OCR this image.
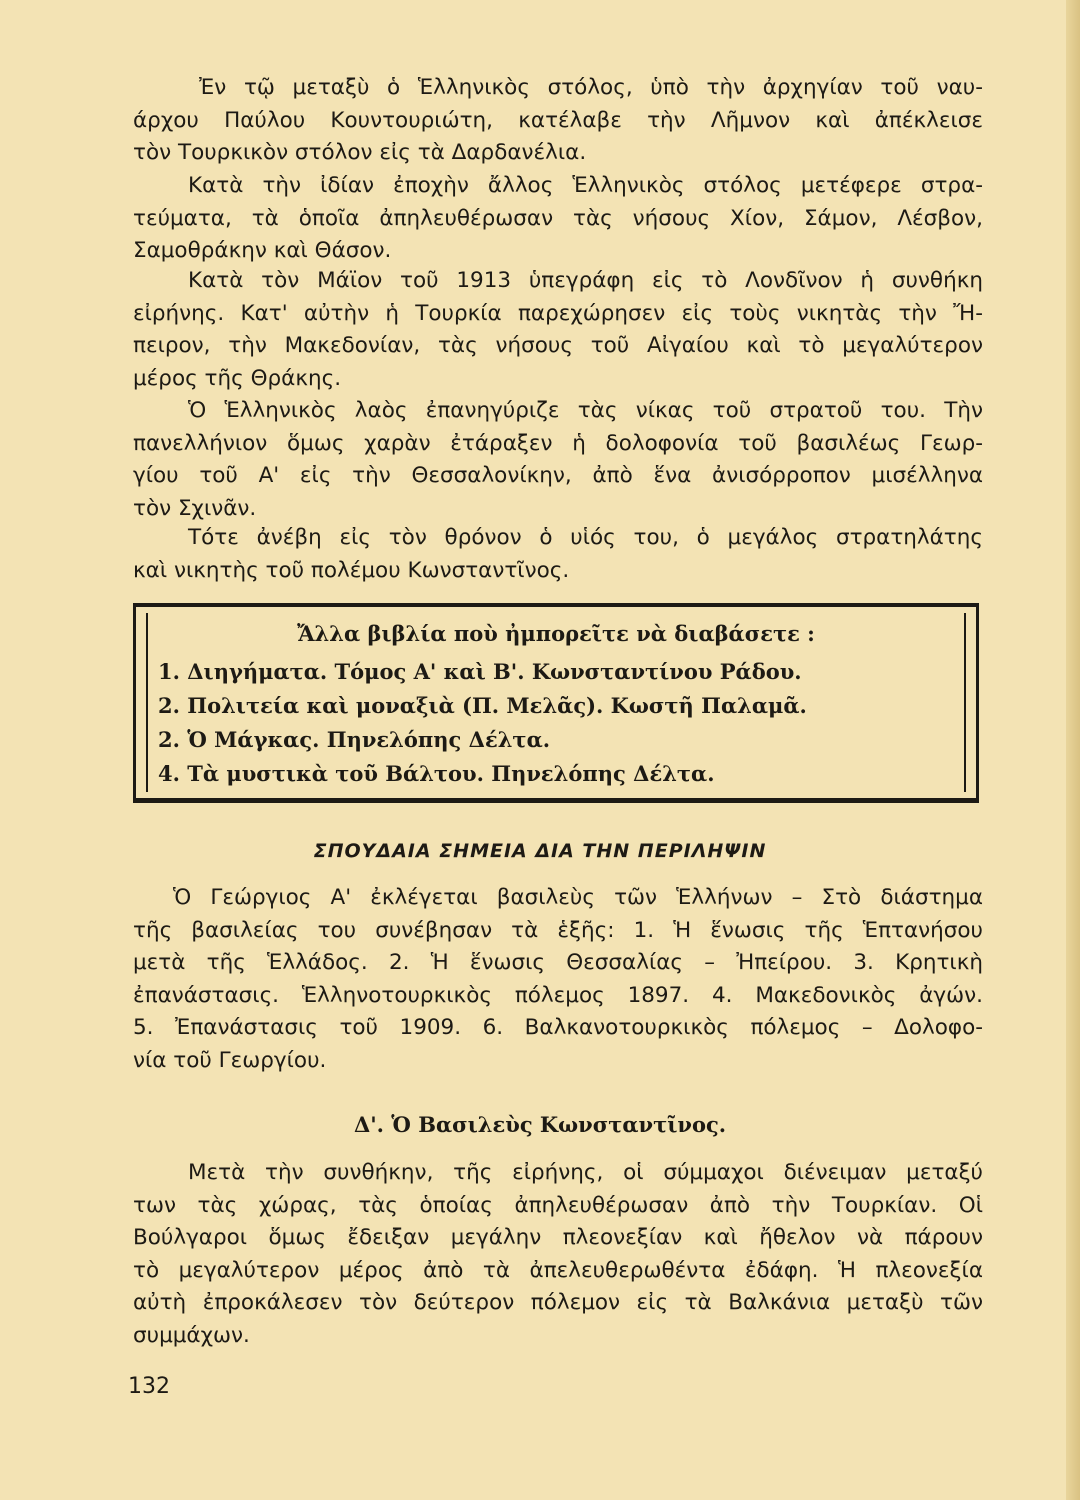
Ἐν τῷ μεταξὺ ὁ Ἑλληνικὸς στόλος, ὑπὸ τὴν ἀρχηγίαν τοῦ ναυ-
άρχου Παύλου Κουντουριώτη, κατέλαβε τὴν Λῆμνον καὶ ἀπέκλεισε
τὸν Τουρκικὸν στόλον εἰς τὰ Δαρδανέλια.
Κατὰ τὴν ἰδίαν ἐποχὴν ἄλλος Ἑλληνικὸς στόλος μετέφερε στρα-
τεύματα, τὰ ὁποῖα ἀπηλευθέρωσαν τὰς νήσους Χίον, Σάμον, Λέσβον,
Σαμοθράκην καὶ Θάσον.
Κατὰ τὸν Μάϊον τοῦ 1913 ὑπεγράφη εἰς τὸ Λονδῖνον ἡ συνθήκη
εἰρήνης. Κατ' αὐτὴν ἡ Τουρκία παρεχώρησεν εἰς τοὺς νικητὰς τὴν Ἤ-
πειρον, τὴν Μακεδονίαν, τὰς νήσους τοῦ Αἰγαίου καὶ τὸ μεγαλύτερον
μέρος τῆς Θράκης.
Ὁ Ἑλληνικὸς λαὸς ἐπανηγύριζε τὰς νίκας τοῦ στρατοῦ του. Τὴν
πανελλήνιον ὅμως χαρὰν ἐτάραξεν ἡ δολοφονία τοῦ βασιλέως Γεωρ-
γίου τοῦ Α' εἰς τὴν Θεσσαλονίκην, ἀπὸ ἕνα ἀνισόρροπον μισέλληνα
τὸν Σχινᾶν.
Τότε ἀνέβη εἰς τὸν θρόνον ὁ υἱός του, ὁ μεγάλος στρατηλάτης
καὶ νικητὴς τοῦ πολέμου Κωνσταντῖνος.
Ἄλλα βιβλία ποὺ ἠμπορεῖτε νὰ διαβάσετε :
1. Διηγήματα. Τόμος Α' καὶ Β'. Κωνσταντίνου Ράδου.
2. Πολιτεία καὶ μοναξιὰ (Π. Μελᾶς). Κωστῆ Παλαμᾶ.
2. Ὁ Μάγκας. Πηνελόπης Δέλτα.
4. Τὰ μυστικὰ τοῦ Βάλτου. Πηνελόπης Δέλτα.
ΣΠΟΥΔΑΙΑ ΣΗΜΕΙΑ ΔΙΑ ΤΗΝ ΠΕΡΙΛΗΨΙΝ
Ὁ Γεώργιος Α' ἐκλέγεται βασιλεὺς τῶν Ἑλλήνων – Στὸ διάστημα
τῆς βασιλείας του συνέβησαν τὰ ἑξῆς: 1. Ἡ ἕνωσις τῆς Ἑπτανήσου
μετὰ τῆς Ἑλλάδος. 2. Ἡ ἕνωσις Θεσσαλίας – Ἠπείρου. 3. Κρητικὴ
ἐπανάστασις. Ἑλληνοτουρκικὸς πόλεμος 1897. 4. Μακεδονικὸς ἀγών.
5. Ἐπανάστασις τοῦ 1909. 6. Βαλκανοτουρκικὸς πόλεμος – Δολοφο-
νία τοῦ Γεωργίου.
Δ'. Ὁ Βασιλεὺς Κωνσταντῖνος.
Μετὰ τὴν συνθήκην, τῆς εἰρήνης, οἱ σύμμαχοι διένειμαν μεταξύ
των τὰς χώρας, τὰς ὁποίας ἀπηλευθέρωσαν ἀπὸ τὴν Τουρκίαν. Οἱ
Βούλγαροι ὅμως ἔδειξαν μεγάλην πλεονεξίαν καὶ ἤθελον νὰ πάρουν
τὸ μεγαλύτερον μέρος ἀπὸ τὰ ἀπελευθερωθέντα ἐδάφη. Ἡ πλεονεξία
αὐτὴ ἐπροκάλεσεν τὸν δεύτερον πόλεμον εἰς τὰ Βαλκάνια μεταξὺ τῶν
συμμάχων.
132
